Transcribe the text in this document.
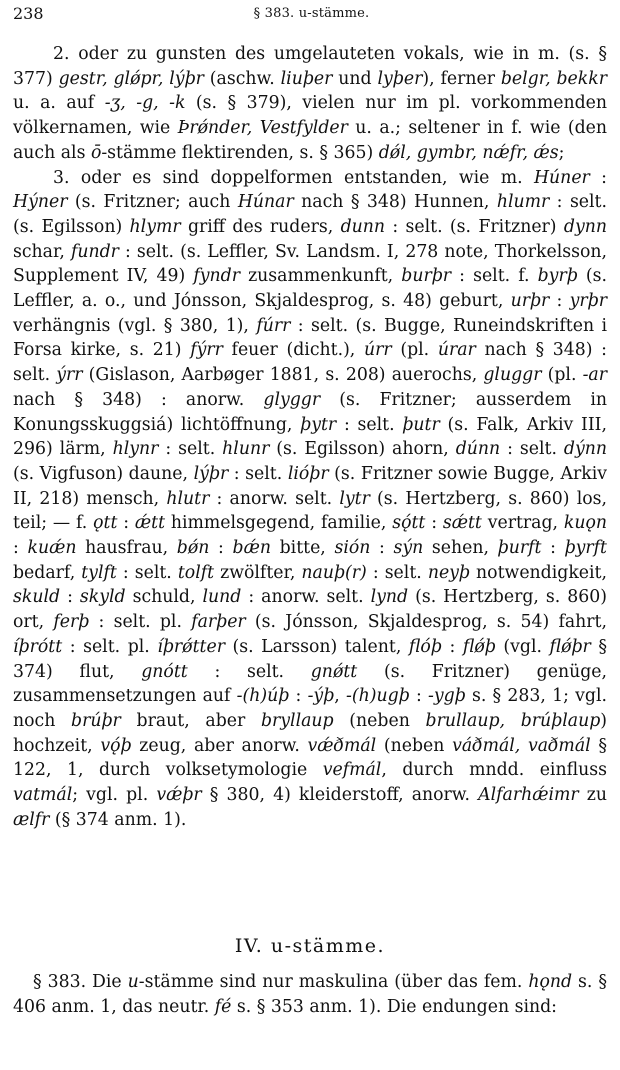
238	§ 383. u-stämme.

2. oder zu gunsten des umgelauteten vokals, wie in m. (s. § 377) gestr, glǿpr, lýþr (aschw. liuþer und lyþer), ferner belgr, bekkr u. a. auf -ʒ, -g, -k (s. § 379), vielen nur im pl. vorkommenden völkernamen, wie Þrǿnder, Vestfylder u. a.; seltener in f. wie (den auch als ō-stämme flektirenden, s. § 365) dǿl, gymbr, nǽfr, ǽs;

3. oder es sind doppelformen entstanden, wie m. Húner : Hýner (s. Fritzner; auch Húnar nach § 348) Hunnen, hlumr : selt. (s. Egilsson) hlymr griff des ruders, dunn : selt. (s. Fritzner) dynn schar, fundr : selt. (s. Leffler, Sv. Landsm. I, 278 note, Thorkelsson, Supplement IV, 49) fyndr zusammenkunft, burþr : selt. f. byrþ (s. Leffler, a. o., und Jónsson, Skjaldesprog, s. 48) geburt, urþr : yrþr verhängnis (vgl. § 380, 1), fúrr : selt. (s. Bugge, Runeindskriften i Forsa kirke, s. 21) fýrr feuer (dicht.), úrr (pl. úrar nach § 348) : selt. ýrr (Gislason, Aarbøger 1881, s. 208) auerochs, gluggr (pl. -ar nach § 348) : anorw. glyggr (s. Fritzner; ausserdem in Konungsskuggsiá) lichtöffnung, þytr : selt. þutr (s. Falk, Arkiv III, 296) lärm, hlynr : selt. hlunr (s. Egilsson) ahorn, dúnn : selt. dýnn (s. Vigfuson) daune, lýþr : selt. lióþr (s. Fritzner sowie Bugge, Arkiv II, 218) mensch, hlutr : anorw. selt. lytr (s. Hertzberg, s. 860) los, teil; — f. ǫtt : ǽtt himmelsgegend, familie, sǫ́tt : sǽtt vertrag, kuǫn : kuǽn hausfrau, bǿn : bǽn bitte, sión : sýn sehen, þurft : þyrft bedarf, tylft : selt. tolft zwölfter, nauþ(r) : selt. neyþ notwendigkeit, skuld : skyld schuld, lund : anorw. selt. lynd (s. Hertzberg, s. 860) ort, ferþ : selt. pl. farþer (s. Jónsson, Skjaldesprog, s. 54) fahrt, íþrótt : selt. pl. íþrǿtter (s. Larsson) talent, flóþ : flǿþ (vgl. flǿþr § 374) flut, gnótt : selt. gnǿtt (s. Fritzner) genüge, zusammensetzungen auf -(h)úþ : -ýþ, -(h)ugþ : -ygþ s. § 283, 1; vgl. noch brúþr braut, aber bryllaup (neben brullaup, brúþlaup) hochzeit, vǫ́þ zeug, aber anorw. vǽðmál (neben váðmál, vaðmál § 122, 1, durch volksetymologie vefmál, durch mndd. einfluss vatmál; vgl. pl. vǽþr § 380, 4) kleiderstoff, anorw. Alfarhǽimr zu ælfr (§ 374 anm. 1).

IV. u-stämme.

§ 383. Die u-stämme sind nur maskulina (über das fem. hǫnd s. § 406 anm. 1, das neutr. fé s. § 353 anm. 1). Die endungen sind:
